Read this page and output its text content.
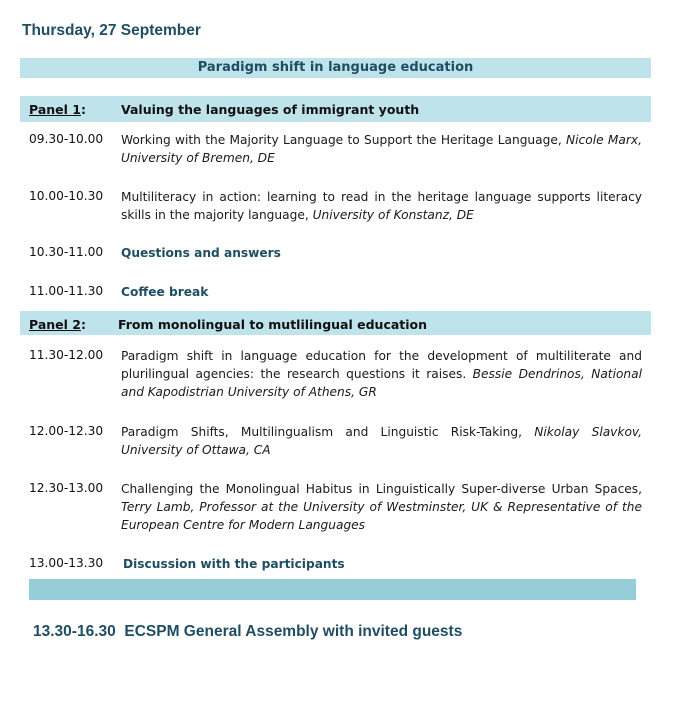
Thursday, 27 September
Paradigm shift in language education
Panel 1:	Valuing the languages of immigrant youth
09.30-10.00 Working with the Majority Language to Support the Heritage Language, Nicole Marx, University of Bremen, DE
10.00-10.30 Multiliteracy in action: learning to read in the heritage language supports literacy skills in the majority language, University of Konstanz, DE
10.30-11.00 Questions and answers
11.00-11.30 Coffee break
Panel 2:	From monolingual to mutlilingual education
11.30-12.00 Paradigm shift in language education for the development of multiliterate and plurilingual agencies: the research questions it raises. Bessie Dendrinos, National and Kapodistrian University of Athens, GR
12.00-12.30 Paradigm Shifts, Multilingualism and Linguistic Risk-Taking, Nikolay Slavkov, University of Ottawa, CA
12.30-13.00 Challenging the Monolingual Habitus in Linguistically Super-diverse Urban Spaces, Terry Lamb, Professor at the University of Westminster, UK & Representative of the European Centre for Modern Languages
13.00-13.30 Discussion with the participants
13.30-16.30 ECSPM General Assembly with invited guests
